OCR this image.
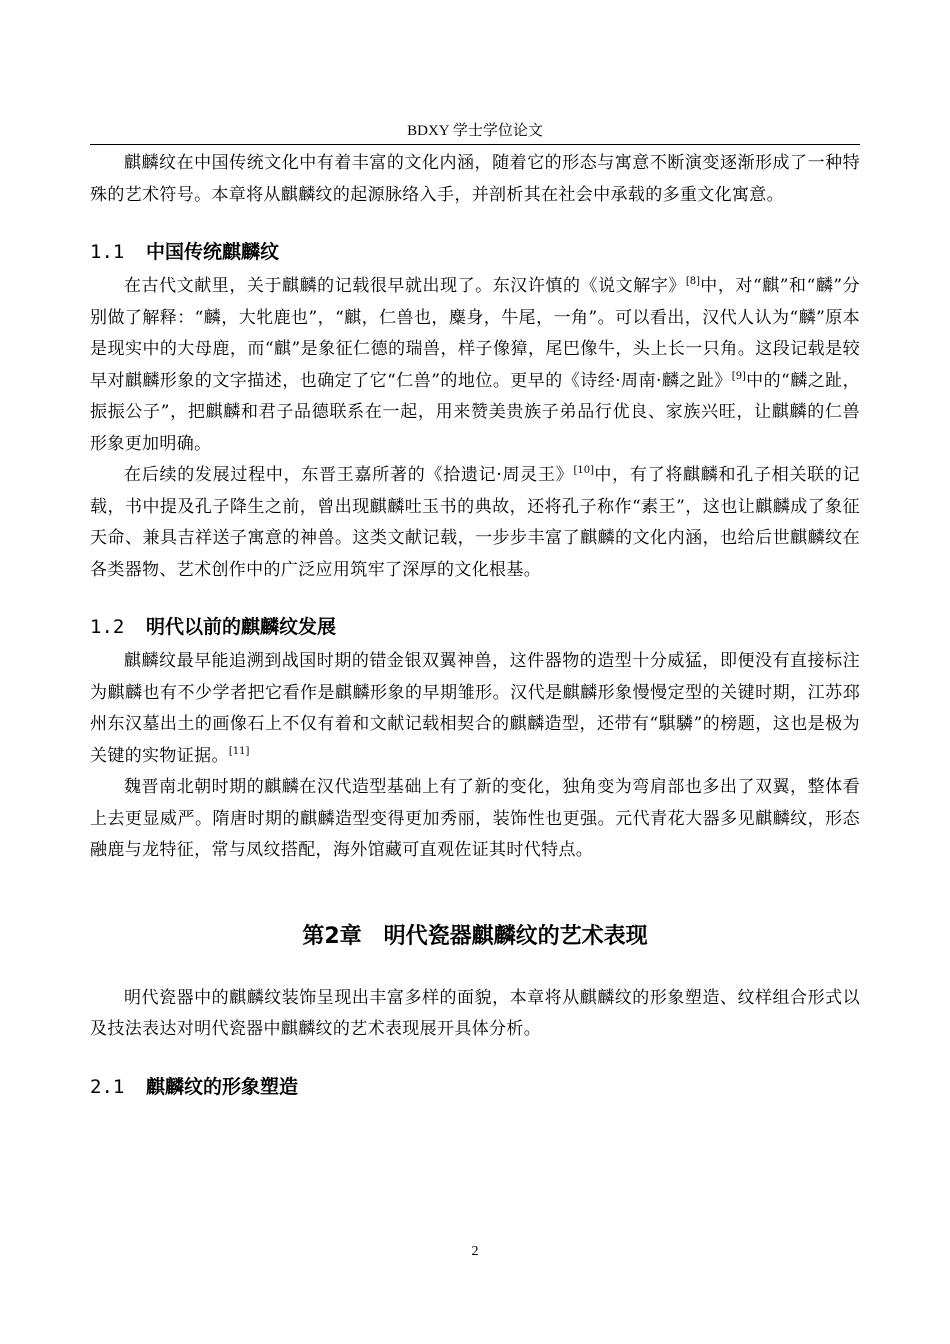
BDXY 学士学位论文

麒麟纹在中国传统文化中有着丰富的文化内涵，随着它的形态与寓意不断演变逐渐形成了一种特殊的艺术符号。本章将从麒麟纹的起源脉络入手，并剖析其在社会中承载的多重文化寓意。

1.1 中国传统麒麟纹

在古代文献里，关于麒麟的记载很早就出现了。东汉许慎的《说文解字》[8]中，对“麒”和“麟”分别做了解释：“麟，大牝鹿也”，“麒，仁兽也，麋身，牛尾，一角”。可以看出，汉代人认为“麟”原本是现实中的大母鹿，而“麒”是象征仁德的瑞兽，样子像獐，尾巴像牛，头上长一只角。这段记载是较早对麒麟形象的文字描述，也确定了它“仁兽”的地位。更早的《诗经·周南·麟之趾》[9]中的“麟之趾，振振公子”，把麒麟和君子品德联系在一起，用来赞美贵族子弟品行优良、家族兴旺，让麒麟的仁兽形象更加明确。

在后续的发展过程中，东晋王嘉所著的《拾遗记·周灵王》[10]中，有了将麒麟和孔子相关联的记载，书中提及孔子降生之前，曾出现麒麟吐玉书的典故，还将孔子称作“素王”，这也让麒麟成了象征天命、兼具吉祥送子寓意的神兽。这类文献记载，一步步丰富了麒麟的文化内涵，也给后世麒麟纹在各类器物、艺术创作中的广泛应用筑牢了深厚的文化根基。

1.2 明代以前的麒麟纹发展

麒麟纹最早能追溯到战国时期的错金银双翼神兽，这件器物的造型十分威猛，即便没有直接标注为麒麟也有不少学者把它看作是麒麟形象的早期雏形。汉代是麒麟形象慢慢定型的关键时期，江苏邳州东汉墓出土的画像石上不仅有着和文献记载相契合的麒麟造型，还带有“騏驎”的榜题，这也是极为关键的实物证据。[11]

魏晋南北朝时期的麒麟在汉代造型基础上有了新的变化，独角变为弯肩部也多出了双翼，整体看上去更显威严。隋唐时期的麒麟造型变得更加秀丽，装饰性也更强。元代青花大器多见麒麟纹，形态融鹿与龙特征，常与凤纹搭配，海外馆藏可直观佐证其时代特点。

第2章　明代瓷器麒麟纹的艺术表现

明代瓷器中的麒麟纹装饰呈现出丰富多样的面貌，本章将从麒麟纹的形象塑造、纹样组合形式以及技法表达对明代瓷器中麒麟纹的艺术表现展开具体分析。

2.1 麒麟纹的形象塑造
2
